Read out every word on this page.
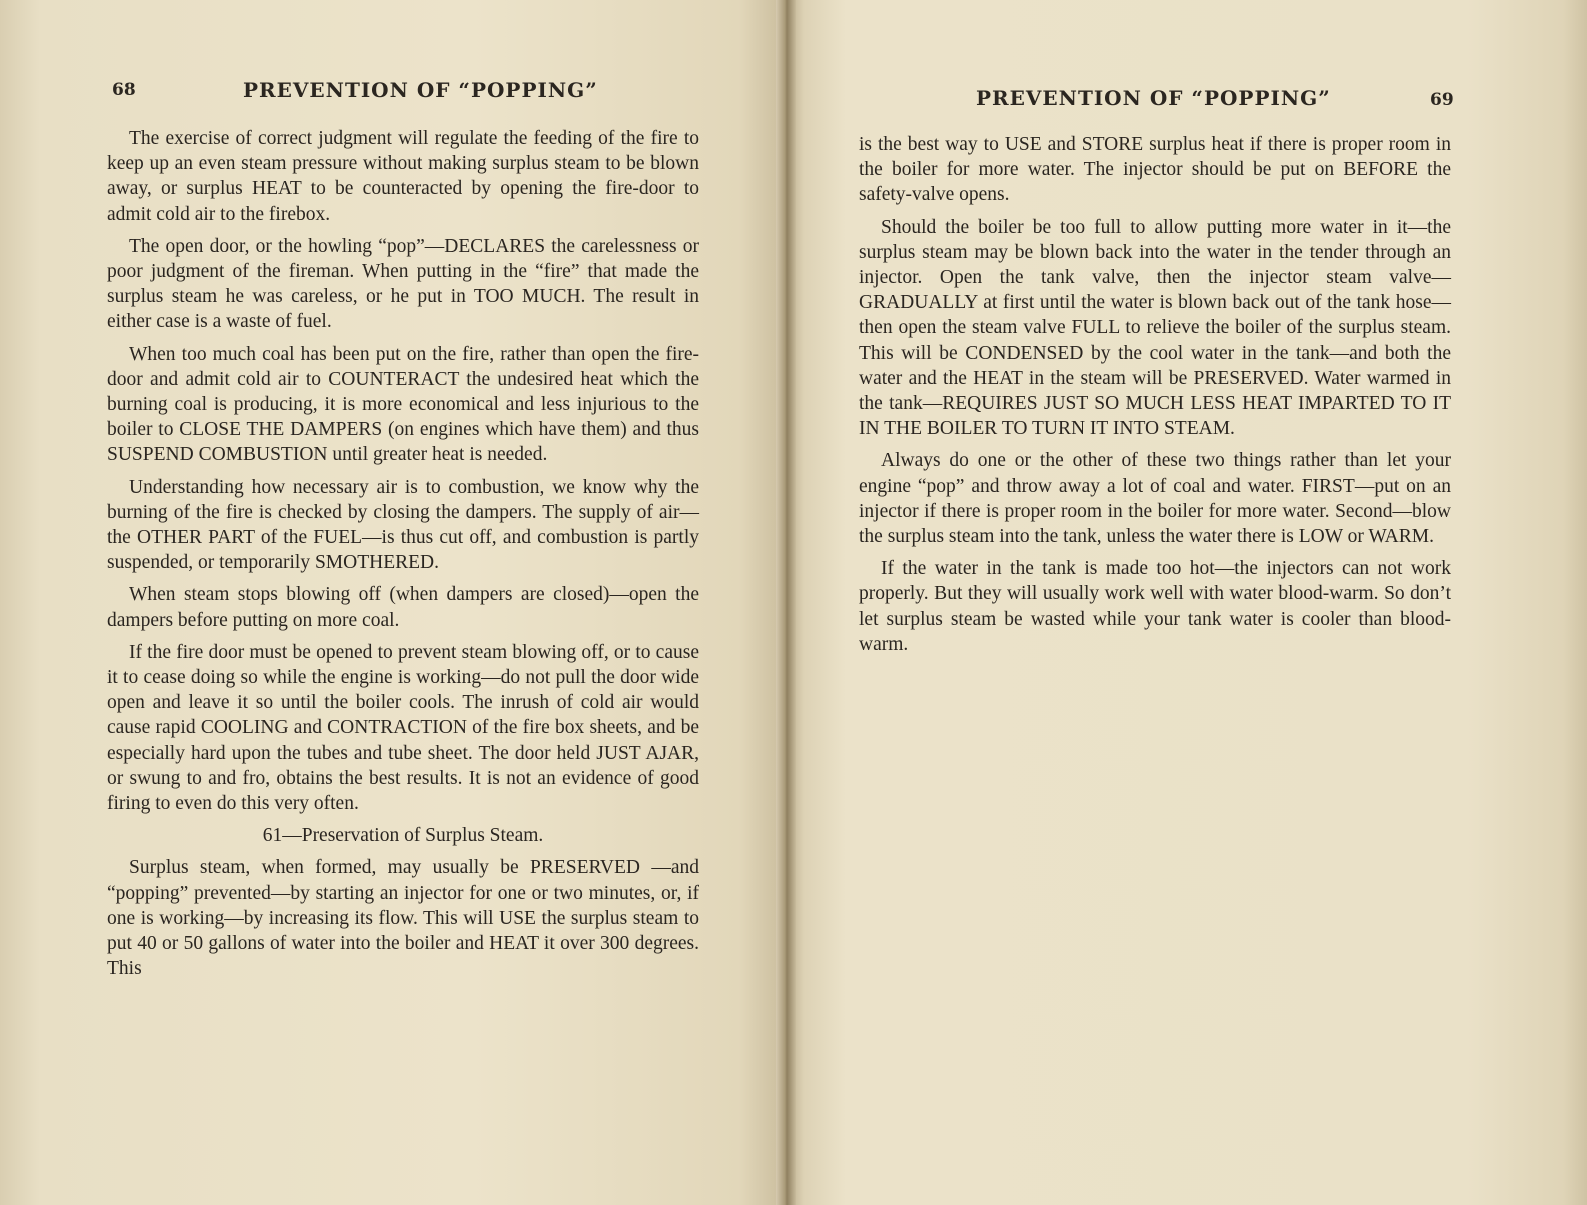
68	PREVENTION OF “POPPING”

The exercise of correct judgment will regulate the feeding of the fire to keep up an even steam pressure without making surplus steam to be blown away, or surplus HEAT to be counteracted by opening the fire-door to admit cold air to the firebox.

The open door, or the howling “pop”—DECLARES the carelessness or poor judgment of the fireman. When putting in the “fire” that made the surplus steam he was careless, or he put in TOO MUCH. The result in either case is a waste of fuel.

When too much coal has been put on the fire, rather than open the fire-door and admit cold air to COUNTERACT the undesired heat which the burning coal is producing, it is more economical and less injurious to the boiler to CLOSE THE DAMPERS (on engines which have them) and thus SUSPEND COMBUSTION until greater heat is needed.

Understanding how necessary air is to combustion, we know why the burning of the fire is checked by closing the dampers. The supply of air—the OTHER PART of the FUEL—is thus cut off, and combustion is partly suspended, or temporarily SMOTHERED.

When steam stops blowing off (when dampers are closed)—open the dampers before putting on more coal.

If the fire door must be opened to prevent steam blowing off, or to cause it to cease doing so while the engine is working—do not pull the door wide open and leave it so until the boiler cools. The inrush of cold air would cause rapid COOLING and CONTRACTION of the fire box sheets, and be especially hard upon the tubes and tube sheet. The door held JUST AJAR, or swung to and fro, obtains the best results. It is not an evidence of good firing to even do this very often.

61—Preservation of Surplus Steam.

Surplus steam, when formed, may usually be PRESERVED —and “popping” prevented—by starting an injector for one or two minutes, or, if one is working—by increasing its flow. This will USE the surplus steam to put 40 or 50 gallons of water into the boiler and HEAT it over 300 degrees. This

PREVENTION OF “POPPING”	69

is the best way to USE and STORE surplus heat if there is proper room in the boiler for more water. The injector should be put on BEFORE the safety-valve opens.

Should the boiler be too full to allow putting more water in it—the surplus steam may be blown back into the water in the tender through an injector. Open the tank valve, then the injector steam valve—GRADUALLY at first until the water is blown back out of the tank hose—then open the steam valve FULL to relieve the boiler of the surplus steam. This will be CONDENSED by the cool water in the tank—and both the water and the HEAT in the steam will be PRESERVED. Water warmed in the tank—REQUIRES JUST SO MUCH LESS HEAT IMPARTED TO IT IN THE BOILER TO TURN IT INTO STEAM.

Always do one or the other of these two things rather than let your engine “pop” and throw away a lot of coal and water. FIRST—put on an injector if there is proper room in the boiler for more water. Second—blow the surplus steam into the tank, unless the water there is LOW or WARM.

If the water in the tank is made too hot—the injectors can not work properly. But they will usually work well with water blood-warm. So don’t let surplus steam be wasted while your tank water is cooler than blood-warm.
